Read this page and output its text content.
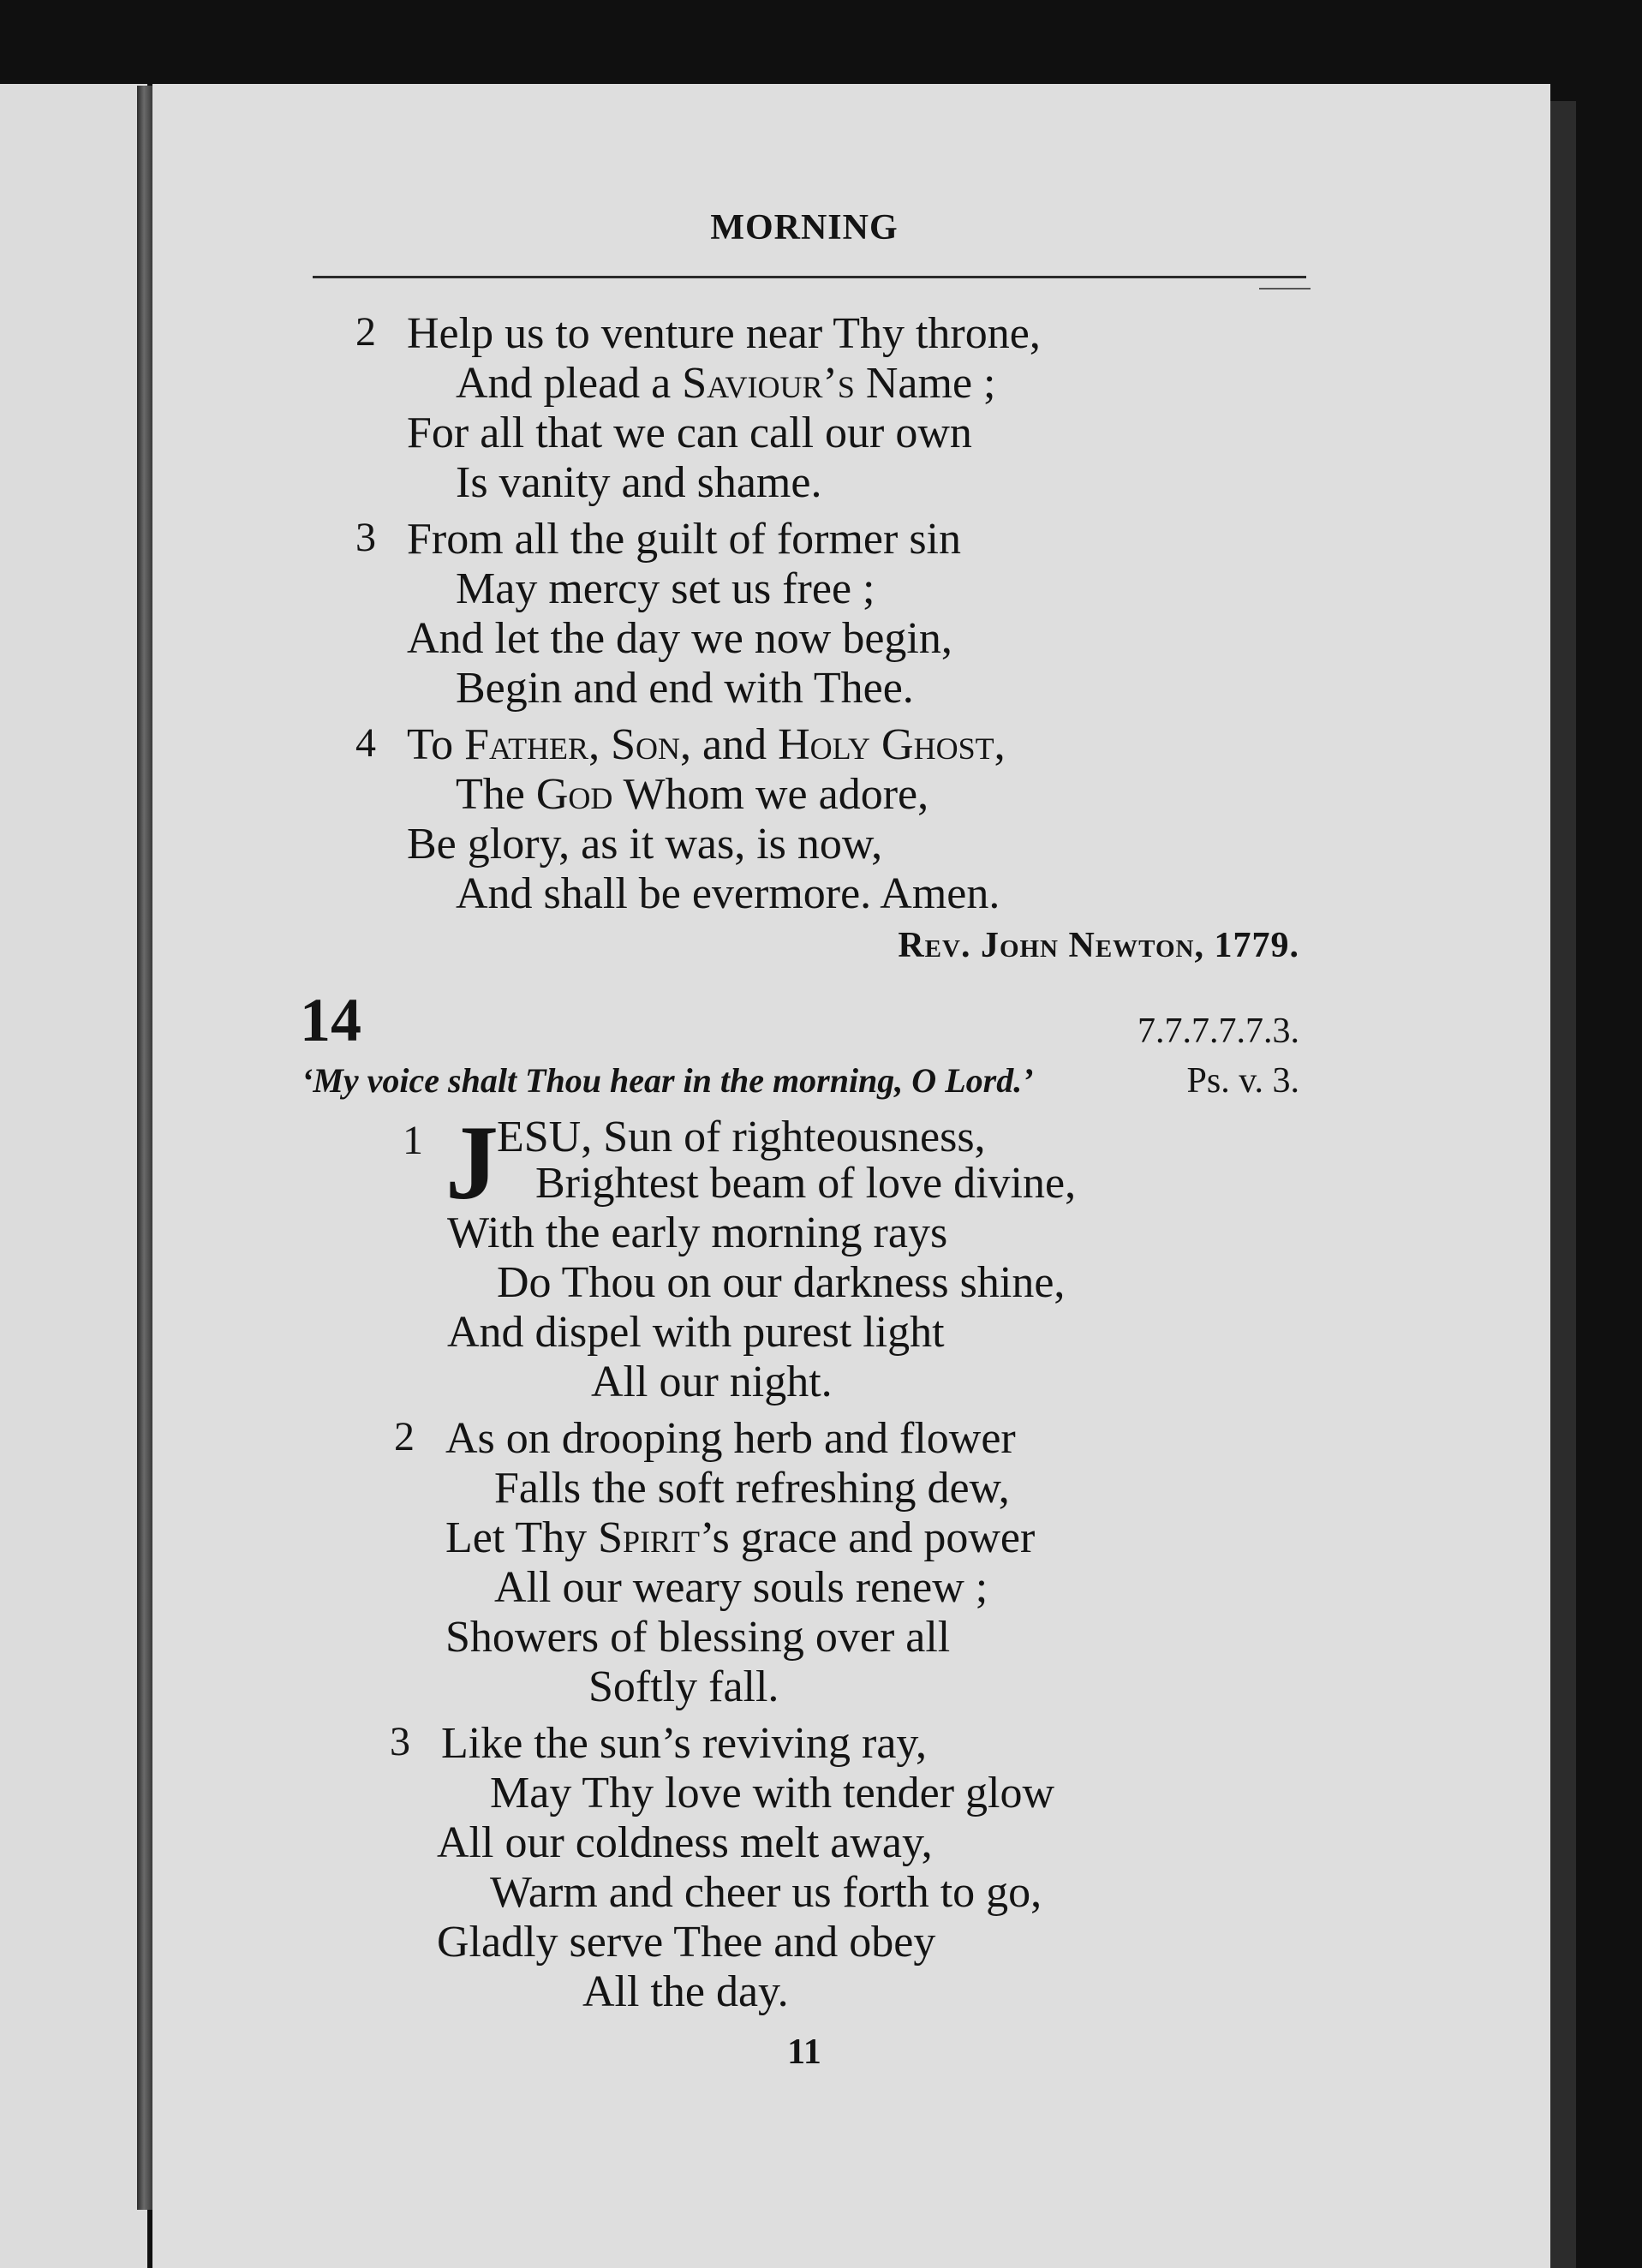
MORNING
2 Help us to venture near Thy throne,
And plead a Saviour’s Name ;
For all that we can call our own
Is vanity and shame.
3 From all the guilt of former sin
May mercy set us free ;
And let the day we now begin,
Begin and end with Thee.
4 To Father, Son, and Holy Ghost,
The God Whom we adore,
Be glory, as it was, is now,
And shall be evermore. Amen.
Rev. John Newton, 1779.
14	7.7.7.7.7.3.
‘My voice shalt Thou hear in the morning, O Lord.’	Ps. v. 3.
1 J
ESU, Sun of righteousness,
Brightest beam of love divine,
With the early morning rays
Do Thou on our darkness shine,
And dispel with purest light
All our night.
2 As on drooping herb and flower
Falls the soft refreshing dew,
Let Thy Spirit’s grace and power
All our weary souls renew ;
Showers of blessing over all
Softly fall.
3 Like the sun’s reviving ray,
May Thy love with tender glow
All our coldness melt away,
Warm and cheer us forth to go,
Gladly serve Thee and obey
All the day.
11
